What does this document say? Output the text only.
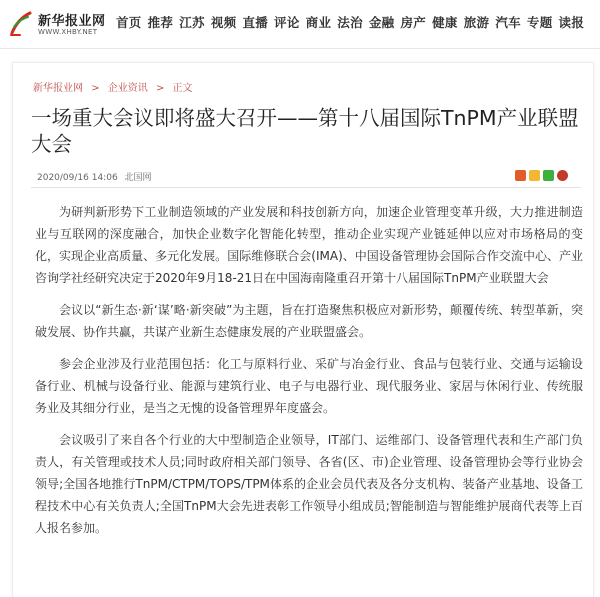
新华报业网
WWW.XHBY.NET
首页 推荐 江苏 视频 直播 评论 商业 法治 金融 房产 健康 旅游 汽车 专题 读报
新华报业网 > 企业资讯 > 正文
一场重大会议即将盛大召开——第十八届国际TnPM产业联盟大会
2020/09/16 14:06 北国网

为研判新形势下工业制造领域的产业发展和科技创新方向，加速企业管理变革升级，大力推进制造业与互联网的深度融合，加快企业数字化智能化转型，推动企业实现产业链延伸以应对市场格局的变化，实现企业高质量、多元化发展。国际维修联合会(IMA)、中国设备管理协会国际合作交流中心、产业咨询学社经研究决定于2020年9月18-21日在中国海南隆重召开第十八届国际TnPM产业联盟大会

会议以“新生态·新‘谋’略·新突破”为主题，旨在打造聚焦积极应对新形势，颠覆传统、转型革新，突破发展、协作共赢，共谋产业新生态健康发展的产业联盟盛会。

参会企业涉及行业范围包括：化工与原料行业、采矿与冶金行业、食品与包装行业、交通与运输设备行业、机械与设备行业、能源与建筑行业、电子与电器行业、现代服务业、家居与休闲行业、传统服务业及其细分行业，是当之无愧的设备管理界年度盛会。

会议吸引了来自各个行业的大中型制造企业领导，IT部门、运维部门、设备管理代表和生产部门负责人，有关管理或技术人员;同时政府相关部门领导、各省(区、市)企业管理、设备管理协会等行业协会领导;全国各地推行TnPM/CTPM/TOPS/TPM体系的企业会员代表及各分支机构、装备产业基地、设备工程技术中心有关负责人;全国TnPM大会先进表彰工作领导小组成员;智能制造与智能维护展商代表等上百人报名参加。
